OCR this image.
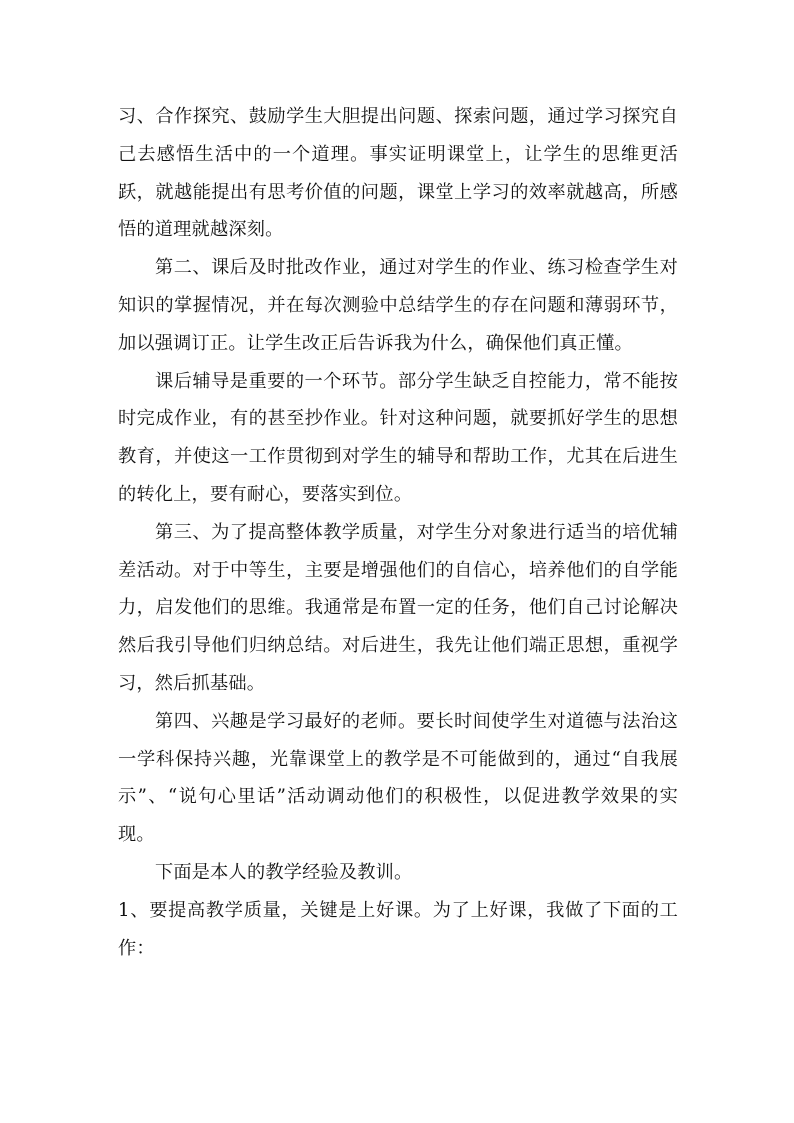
习、合作探究、鼓励学生大胆提出问题、探索问题，通过学习探究自己去感悟生活中的一个道理。事实证明课堂上，让学生的思维更活跃，就越能提出有思考价值的问题，课堂上学习的效率就越高，所感悟的道理就越深刻。

第二、课后及时批改作业，通过对学生的作业、练习检查学生对知识的掌握情况，并在每次测验中总结学生的存在问题和薄弱环节，加以强调订正。让学生改正后告诉我为什么，确保他们真正懂。

课后辅导是重要的一个环节。部分学生缺乏自控能力，常不能按时完成作业，有的甚至抄作业。针对这种问题，就要抓好学生的思想教育，并使这一工作贯彻到对学生的辅导和帮助工作，尤其在后进生的转化上，要有耐心，要落实到位。

第三、为了提高整体教学质量，对学生分对象进行适当的培优辅差活动。对于中等生，主要是增强他们的自信心，培养他们的自学能力，启发他们的思维。我通常是布置一定的任务，他们自己讨论解决然后我引导他们归纳总结。对后进生，我先让他们端正思想，重视学习，然后抓基础。

第四、兴趣是学习最好的老师。要长时间使学生对道德与法治这一学科保持兴趣，光靠课堂上的教学是不可能做到的，通过“自我展示”、“说句心里话”活动调动他们的积极性，以促进教学效果的实现。

下面是本人的教学经验及教训。

1、要提高教学质量，关键是上好课。为了上好课，我做了下面的工作：
